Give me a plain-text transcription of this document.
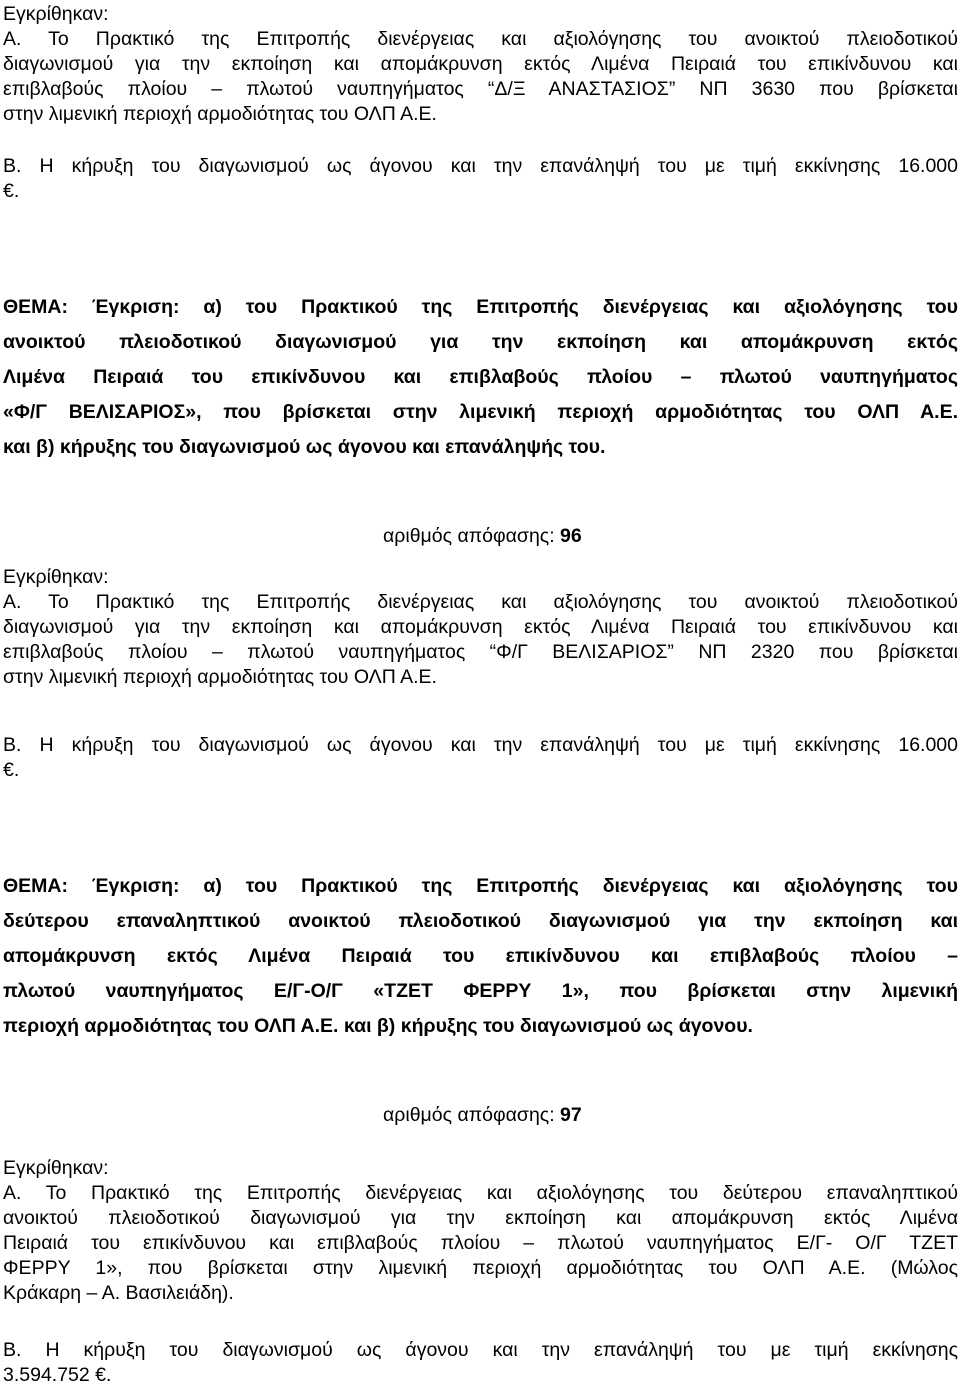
Εγκρίθηκαν:
Α. Το Πρακτικό της Επιτροπής διενέργειας και αξιολόγησης του ανοικτού πλειοδοτικού
διαγωνισμού για την εκποίηση και απομάκρυνση εκτός Λιμένα Πειραιά του επικίνδυνου και
επιβλαβούς πλοίου – πλωτού ναυπηγήματος “Δ/Ξ ΑΝΑΣΤΑΣΙΟΣ” ΝΠ 3630 που βρίσκεται
στην λιμενική περιοχή αρμοδιότητας του ΟΛΠ Α.Ε.
Β. Η κήρυξη του διαγωνισμού ως άγονου και την επανάληψή του με τιμή εκκίνησης 16.000
€.
ΘΕΜΑ: Έγκριση: α) του Πρακτικού της Επιτροπής διενέργειας και αξιολόγησης του
ανοικτού πλειοδοτικού διαγωνισμού για την εκποίηση και απομάκρυνση εκτός
Λιμένα Πειραιά του επικίνδυνου και επιβλαβούς πλοίου – πλωτού ναυπηγήματος
«Φ/Γ ΒΕΛΙΣΑΡΙΟΣ», που βρίσκεται στην λιμενική περιοχή αρμοδιότητας του ΟΛΠ Α.Ε.
και β) κήρυξης του διαγωνισμού ως άγονου και επανάληψής του.
αριθμός απόφασης: 96
Εγκρίθηκαν:
Α. Το Πρακτικό της Επιτροπής διενέργειας και αξιολόγησης του ανοικτού πλειοδοτικού
διαγωνισμού για την εκποίηση και απομάκρυνση εκτός Λιμένα Πειραιά του επικίνδυνου και
επιβλαβούς πλοίου – πλωτού ναυπηγήματος “Φ/Γ ΒΕΛΙΣΑΡΙΟΣ” ΝΠ 2320 που βρίσκεται
στην λιμενική περιοχή αρμοδιότητας του ΟΛΠ Α.Ε.
Β. Η κήρυξη του διαγωνισμού ως άγονου και την επανάληψή του με τιμή εκκίνησης 16.000
€.
ΘΕΜΑ: Έγκριση: α) του Πρακτικού της Επιτροπής διενέργειας και αξιολόγησης του
δεύτερου επαναληπτικού ανοικτού πλειοδοτικού διαγωνισμού για την εκποίηση και
απομάκρυνση εκτός Λιμένα Πειραιά του επικίνδυνου και επιβλαβούς πλοίου –
πλωτού ναυπηγήματος Ε/Γ-Ο/Γ «ΤΖΕΤ ΦΕΡΡΥ 1», που βρίσκεται στην λιμενική
περιοχή αρμοδιότητας του ΟΛΠ Α.Ε. και β) κήρυξης του διαγωνισμού ως άγονου.
αριθμός απόφασης: 97
Εγκρίθηκαν:
Α. Το Πρακτικό της Επιτροπής διενέργειας και αξιολόγησης του δεύτερου επαναληπτικού
ανοικτού πλειοδοτικού διαγωνισμού για την εκποίηση και απομάκρυνση εκτός Λιμένα
Πειραιά του επικίνδυνου και επιβλαβούς πλοίου – πλωτού ναυπηγήματος Ε/Γ- Ο/Γ ΤΖΕΤ
ΦΕΡΡΥ 1», που βρίσκεται στην λιμενική περιοχή αρμοδιότητας του ΟΛΠ Α.Ε. (Μώλος
Κράκαρη – Α. Βασιλειάδη).
Β. Η κήρυξη του διαγωνισμού ως άγονου και την επανάληψή του με τιμή εκκίνησης
3.594.752 €.
